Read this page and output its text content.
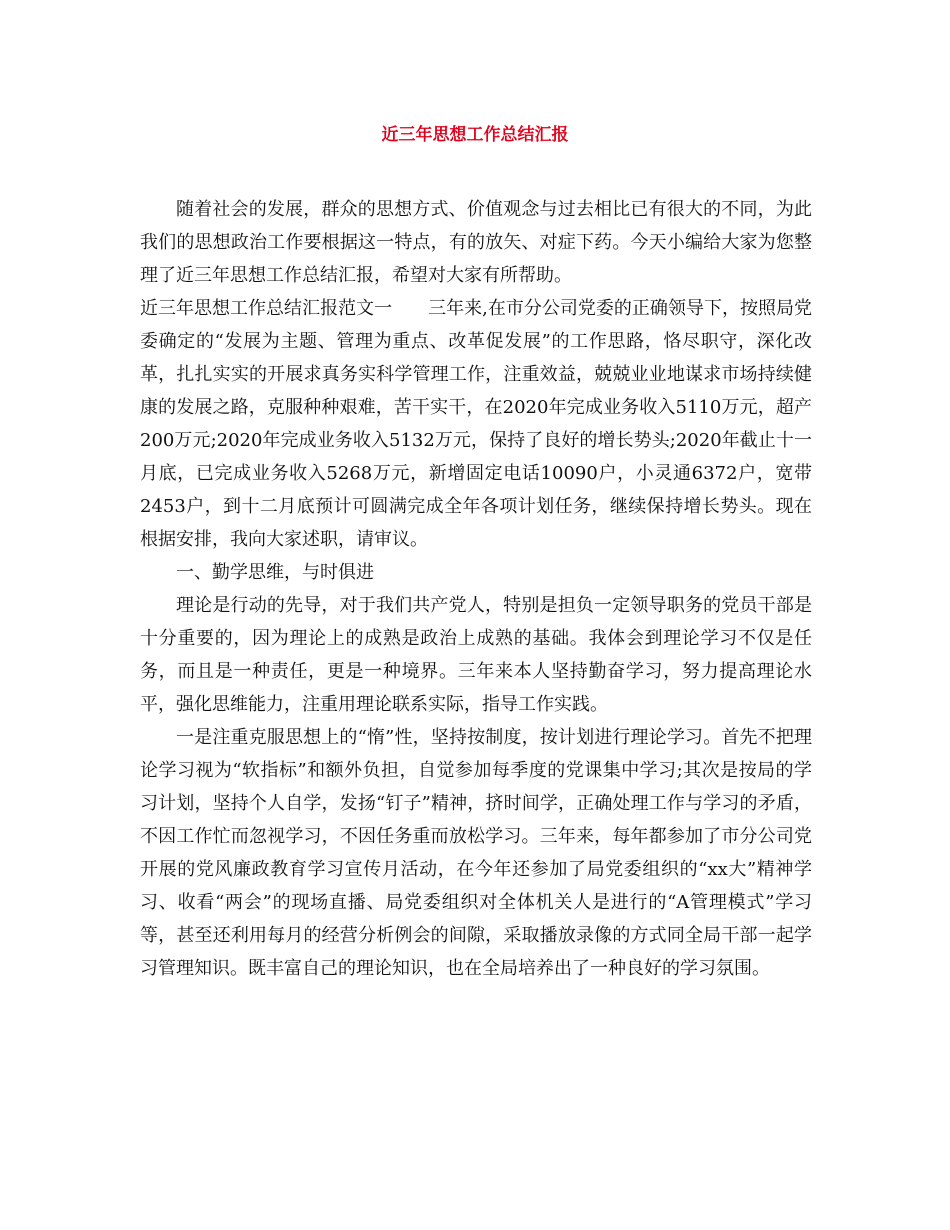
近三年思想工作总结汇报

随着社会的发展，群众的思想方式、价值观念与过去相比已有很大的不同，为此我们的思想政治工作要根据这一特点，有的放矢、对症下药。今天小编给大家为您整理了近三年思想工作总结汇报，希望对大家有所帮助。

近三年思想工作总结汇报范文一 三年来,在市分公司党委的正确领导下，按照局党委确定的“发展为主题、管理为重点、改革促发展”的工作思路，恪尽职守，深化改革，扎扎实实的开展求真务实科学管理工作，注重效益，兢兢业业地谋求市场持续健康的发展之路，克服种种艰难，苦干实干，在2020年完成业务收入5110万元，超产200万元;2020年完成业务收入5132万元，保持了良好的增长势头;2020年截止十一月底，已完成业务收入5268万元，新增固定电话10090户，小灵通6372户，宽带2453户，到十二月底预计可圆满完成全年各项计划任务，继续保持增长势头。现在根据安排，我向大家述职，请审议。

一、勤学思维，与时俱进

理论是行动的先导，对于我们共产党人，特别是担负一定领导职务的党员干部是十分重要的，因为理论上的成熟是政治上成熟的基础。我体会到理论学习不仅是任务，而且是一种责任，更是一种境界。三年来本人坚持勤奋学习，努力提高理论水平，强化思维能力，注重用理论联系实际，指导工作实践。

一是注重克服思想上的“惰”性，坚持按制度，按计划进行理论学习。首先不把理论学习视为“软指标”和额外负担，自觉参加每季度的党课集中学习;其次是按局的学习计划，坚持个人自学，发扬“钉子”精神，挤时间学，正确处理工作与学习的矛盾，不因工作忙而忽视学习，不因任务重而放松学习。三年来，每年都参加了市分公司党开展的党风廉政教育学习宣传月活动，在今年还参加了局党委组织的“xx大”精神学习、收看“两会”的现场直播、局党委组织对全体机关人是进行的“A管理模式”学习等，甚至还利用每月的经营分析例会的间隙，采取播放录像的方式同全局干部一起学习管理知识。既丰富自己的理论知识，也在全局培养出了一种良好的学习氛围。
